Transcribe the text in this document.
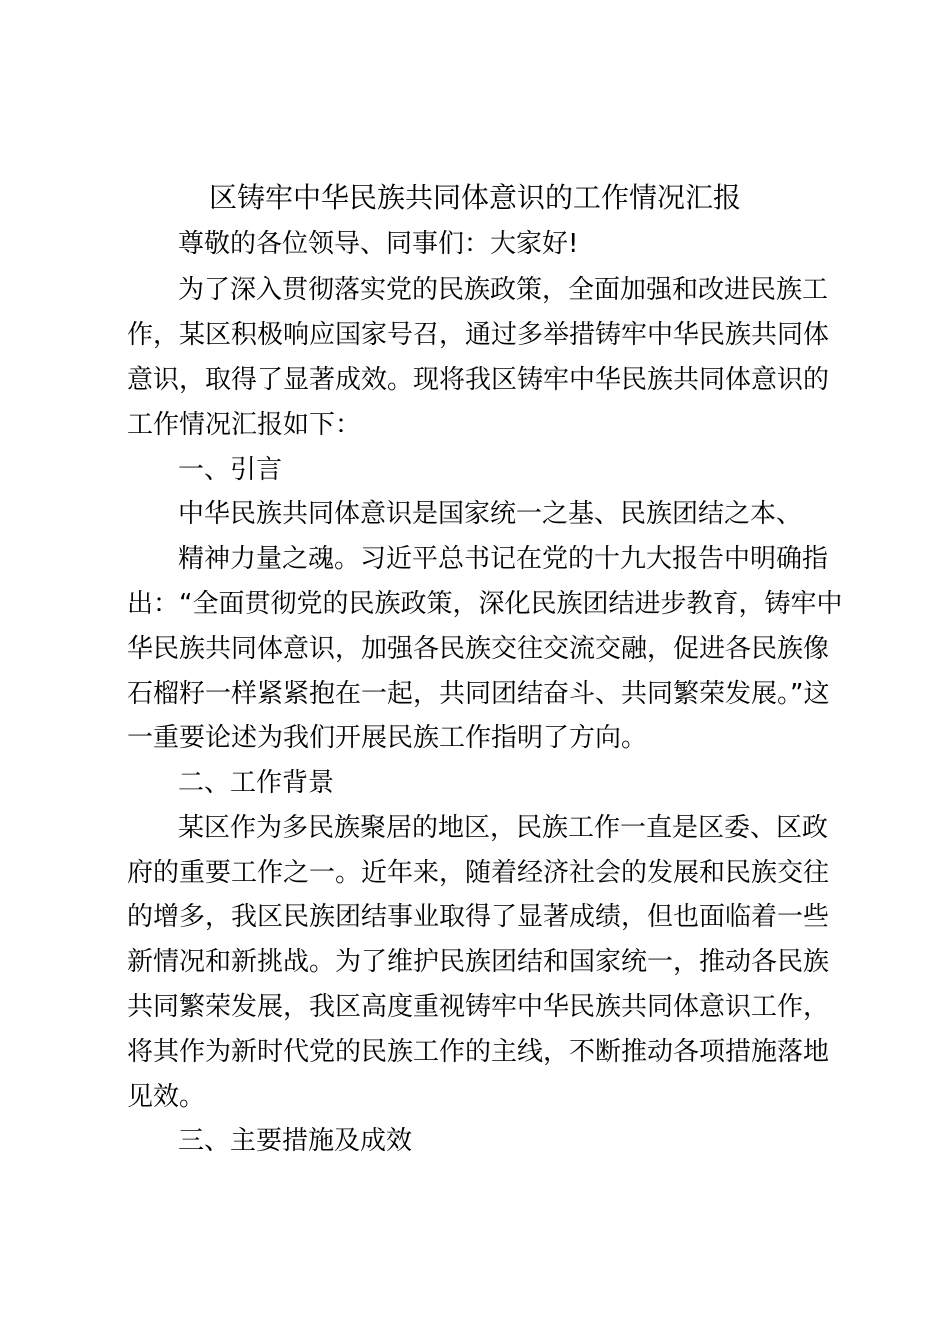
区铸牢中华民族共同体意识的工作情况汇报
尊敬的各位领导、同事们：大家好!
为了深入贯彻落实党的民族政策，全面加强和改进民族工
作，某区积极响应国家号召，通过多举措铸牢中华民族共同体
意识，取得了显著成效。现将我区铸牢中华民族共同体意识的
工作情况汇报如下：
一、引言
中华民族共同体意识是国家统一之基、民族团结之本、
精神力量之魂。习近平总书记在党的十九大报告中明确指
出：“全面贯彻党的民族政策，深化民族团结进步教育，铸牢中
华民族共同体意识，加强各民族交往交流交融，促进各民族像
石榴籽一样紧紧抱在一起，共同团结奋斗、共同繁荣发展。”这
一重要论述为我们开展民族工作指明了方向。
二、工作背景
某区作为多民族聚居的地区，民族工作一直是区委、区政
府的重要工作之一。近年来，随着经济社会的发展和民族交往
的增多，我区民族团结事业取得了显著成绩，但也面临着一些
新情况和新挑战。为了维护民族团结和国家统一，推动各民族
共同繁荣发展，我区高度重视铸牢中华民族共同体意识工作，
将其作为新时代党的民族工作的主线，不断推动各项措施落地
见效。
三、主要措施及成效
